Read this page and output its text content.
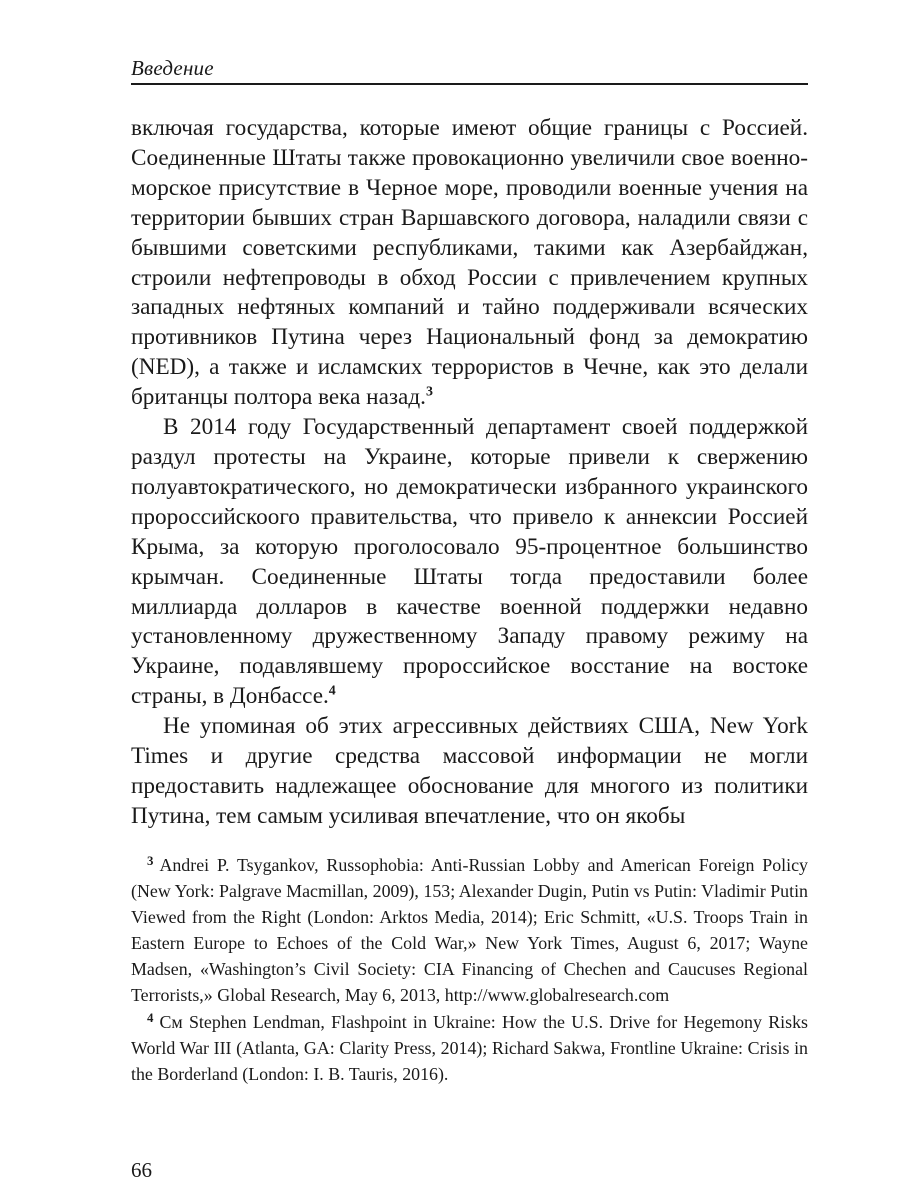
Введение

включая государства, которые имеют общие границы с Россией. Соединенные Штаты также провокационно увеличили свое военно-морское присутствие в Черное море, проводили военные учения на территории бывших стран Варшавского договора, наладили связи с бывшими советскими республиками, такими как Азербайджан, строили нефтепроводы в обход России с привлечением крупных западных нефтяных компаний и тайно поддерживали всяческих противников Путина через Национальный фонд за демократию (NED), а также и исламских террористов в Чечне, как это делали британцы полтора века назад.$^3$

В 2014 году Государственный департамент своей поддержкой раздул протесты на Украине, которые привели к свержению полуавтократического, но демократически избранного украинского пророссийскоого правительства, что привело к аннексии Россией Крыма, за которую проголосовало 95-процентное большинство крымчан. Соединенные Штаты тогда предоставили более миллиарда долларов в качестве военной поддержки недавно установленному дружественному Западу правому режиму на Украине, подавлявшему пророссийское восстание на востоке страны, в Донбассе.$^4$

Не упоминая об этих агрессивных действиях США, New York Times и другие средства массовой информации не могли предоставить надлежащее обоснование для многого из политики Путина, тем самым усиливая впечатление, что он якобы

$^3$ Andrei P. Tsygankov, Russophobia: Anti-Russian Lobby and American Foreign Policy (New York: Palgrave Macmillan, 2009), 153; Alexander Dugin, Putin vs Putin: Vladimir Putin Viewed from the Right (London: Arktos Media, 2014); Eric Schmitt, «U.S. Troops Train in Eastern Europe to Echoes of the Cold War,» New York Times, August 6, 2017; Wayne Madsen, «Washington’s Civil Society: CIA Financing of Chechen and Caucuses Regional Terrorists,» Global Research, May 6, 2013, http://www.globalresearch.com

$^4$ См Stephen Lendman, Flashpoint in Ukraine: How the U.S. Drive for Hegemony Risks World War III (Atlanta, GA: Clarity Press, 2014); Richard Sakwa, Frontline Ukraine: Crisis in the Borderland (London: I. B. Tauris, 2016).

66
